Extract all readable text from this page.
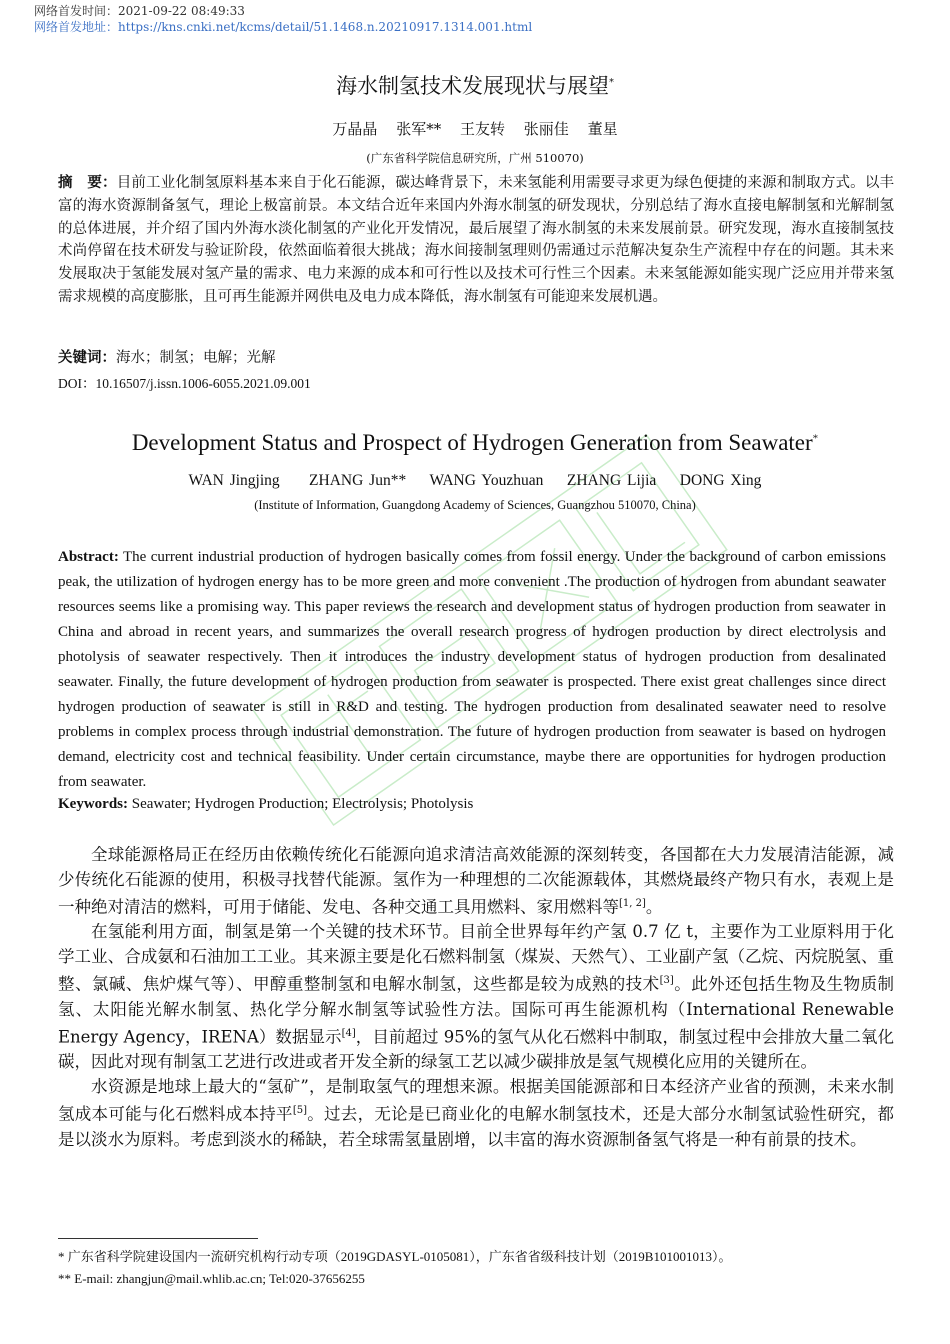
网络首发时间：2021-09-22 08:49:33
网络首发地址：https://kns.cnki.net/kcms/detail/51.1468.n.20210917.1314.001.html
海水制氢技术发展现状与展望*
万晶晶 张军** 王友转 张丽佳 董星
(广东省科学院信息研究所，广州 510070)
摘　要：目前工业化制氢原料基本来自于化石能源，碳达峰背景下，未来氢能利用需要寻求更为绿色便捷的来源和制取方式。以丰富的海水资源制备氢气，理论上极富前景。本文结合近年来国内外海水制氢的研发现状，分别总结了海水直接电解制氢和光解制氢的总体进展，并介绍了国内外海水淡化制氢的产业化开发情况，最后展望了海水制氢的未来发展前景。研究发现，海水直接制氢技术尚停留在技术研发与验证阶段，依然面临着很大挑战；海水间接制氢理则仍需通过示范解决复杂生产流程中存在的问题。其未来发展取决于氢能发展对氢产量的需求、电力来源的成本和可行性以及技术可行性三个因素。未来氢能源如能实现广泛应用并带来氢需求规模的高度膨胀，且可再生能源并网供电及电力成本降低，海水制氢有可能迎来发展机遇。
关键词：海水；制氢；电解；光解
DOI：10.16507/j.issn.1006-6055.2021.09.001
Development Status and Prospect of Hydrogen Generation from Seawater*
WAN Jingjing ZHANG Jun** WANG Youzhuan ZHANG Lijia DONG Xing
(Institute of Information, Guangdong Academy of Sciences, Guangzhou 510070, China)
Abstract: The current industrial production of hydrogen basically comes from fossil energy. Under the background of carbon emissions peak, the utilization of hydrogen energy has to be more green and more convenient .The production of hydrogen from abundant seawater resources seems like a promising way. This paper reviews the research and development status of hydrogen production from seawater in China and abroad in recent years, and summarizes the overall research progress of hydrogen production by direct electrolysis and photolysis of seawater respectively. Then it introduces the industry development status of hydrogen production from desalinated seawater. Finally, the future development of hydrogen production from seawater is prospected. There exist great challenges since direct hydrogen production of seawater is still in R&D and testing. The hydrogen production from desalinated seawater need to resolve problems in complex process through industrial demonstration. The future of hydrogen production from seawater is based on hydrogen demand, electricity cost and technical feasibility. Under certain circumstance, maybe there are opportunities for hydrogen production from seawater.
Keywords: Seawater; Hydrogen Production; Electrolysis; Photolysis

全球能源格局正在经历由依赖传统化石能源向追求清洁高效能源的深刻转变，各国都在大力发展清洁能源，减少传统化石能源的使用，积极寻找替代能源。氢作为一种理想的二次能源载体，其燃烧最终产物只有水，表观上是一种绝对清洁的燃料，可用于储能、发电、各种交通工具用燃料、家用燃料等[1, 2]。

在氢能利用方面，制氢是第一个关键的技术环节。目前全世界每年约产氢 0.7 亿 t，主要作为工业原料用于化学工业、合成氨和石油加工工业。其来源主要是化石燃料制氢（煤炭、天然气）、工业副产氢（乙烷、丙烷脱氢、重整、氯碱、焦炉煤气等）、甲醇重整制氢和电解水制氢，这些都是较为成熟的技术[3]。此外还包括生物及生物质制氢、太阳能光解水制氢、热化学分解水制氢等试验性方法。国际可再生能源机构（International Renewable Energy Agency，IRENA）数据显示[4]，目前超过 95%的氢气从化石燃料中制取，制氢过程中会排放大量二氧化碳，因此对现有制氢工艺进行改进或者开发全新的绿氢工艺以减少碳排放是氢气规模化应用的关键所在。

水资源是地球上最大的“氢矿”，是制取氢气的理想来源。根据美国能源部和日本经济产业省的预测，未来水制氢成本可能与化石燃料成本持平[5]。过去，无论是已商业化的电解水制氢技术，还是大部分水制氢试验性研究，都是以淡水为原料。考虑到淡水的稀缺，若全球需氢量剧增，以丰富的海水资源制备氢气将是一种有前景的技术。

* 广东省科学院建设国内一流研究机构行动专项（2019GDASYL-0105081），广东省省级科技计划（2019B101001013）。
** E-mail: zhangjun@mail.whlib.ac.cn; Tel:020-37656255
